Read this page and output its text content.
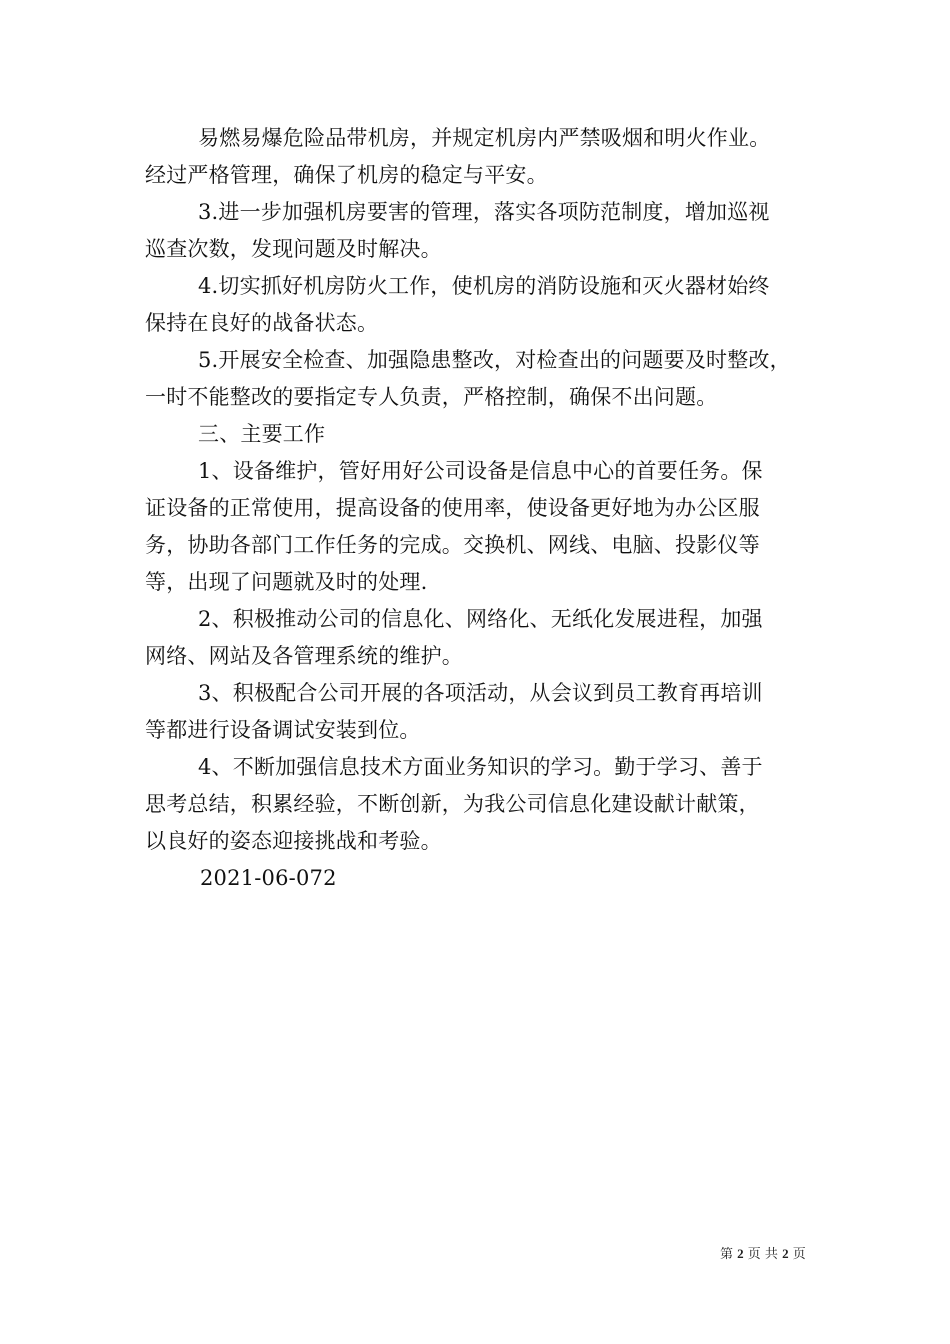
易燃易爆危险品带机房，并规定机房内严禁吸烟和明火作业。
经过严格管理，确保了机房的稳定与平安。
3.进一步加强机房要害的管理，落实各项防范制度，增加巡视
巡查次数，发现问题及时解决。
4.切实抓好机房防火工作，使机房的消防设施和灭火器材始终
保持在良好的战备状态。
5.开展安全检查、加强隐患整改，对检查出的问题要及时整改，
一时不能整改的要指定专人负责，严格控制，确保不出问题。
三、主要工作
1、设备维护，管好用好公司设备是信息中心的首要任务。保
证设备的正常使用，提高设备的使用率，使设备更好地为办公区服
务，协助各部门工作任务的完成。交换机、网线、电脑、投影仪等
等，出现了问题就及时的处理.
2、积极推动公司的信息化、网络化、无纸化发展进程，加强
网络、网站及各管理系统的维护。
3、积极配合公司开展的各项活动，从会议到员工教育再培训
等都进行设备调试安装到位。
4、不断加强信息技术方面业务知识的学习。勤于学习、善于
思考总结，积累经验，不断创新，为我公司信息化建设献计献策，
以良好的姿态迎接挑战和考验。
2021-06-072
第 2 页 共 2 页
